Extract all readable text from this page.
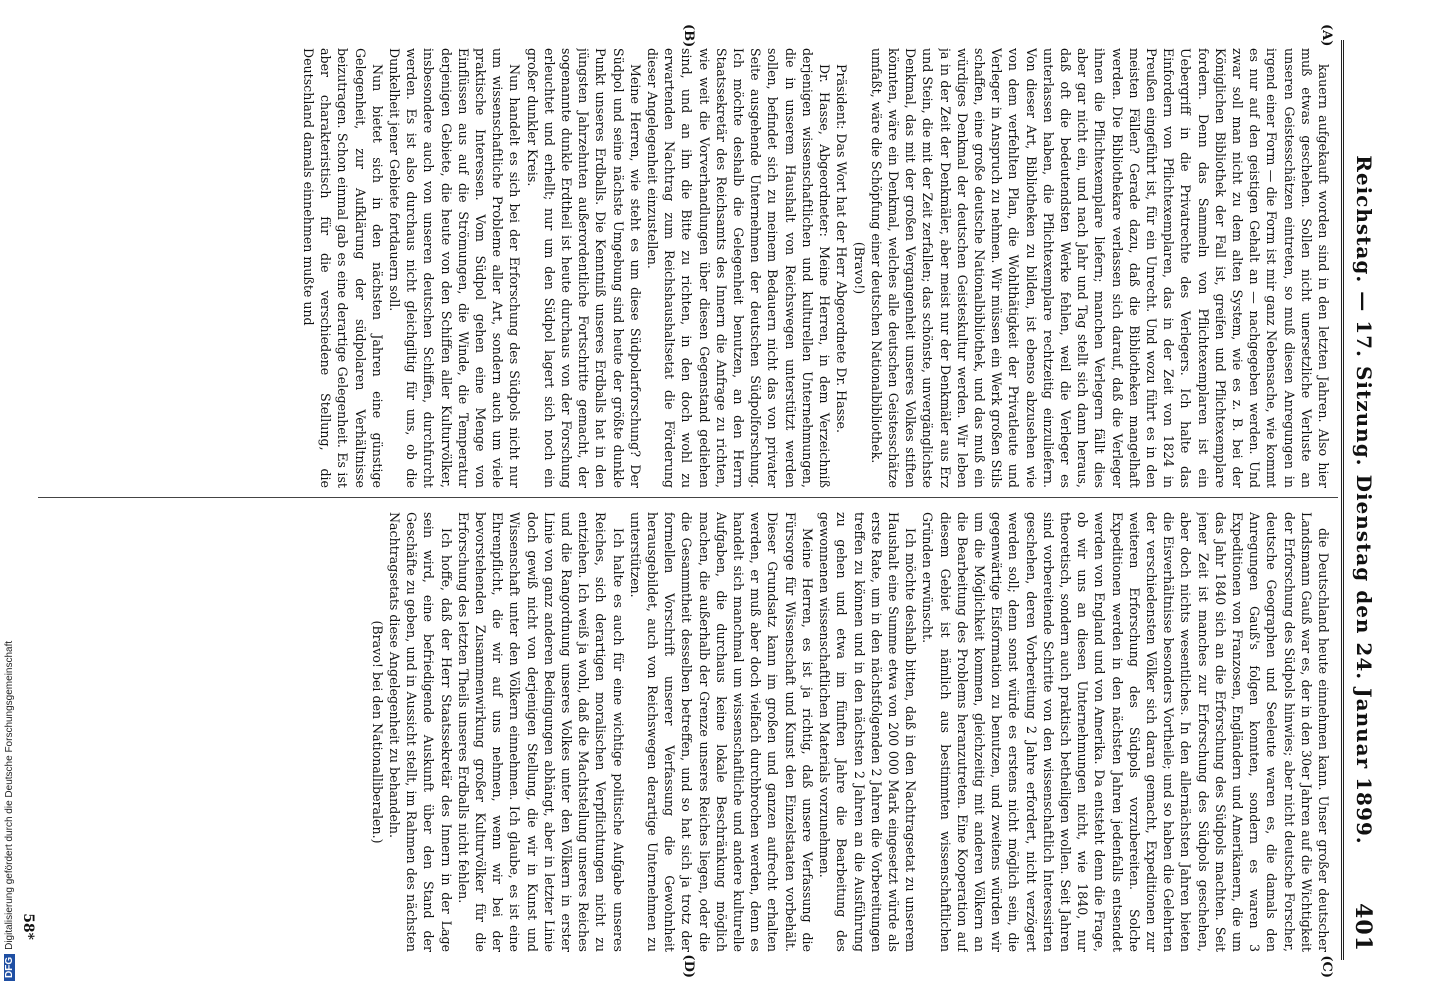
Reichstag. — 17. Sitzung. Dienstag den 24. Januar 1899.
401
(A)
(B)
(C)
(D)

kauern aufgekauft worden sind in den letzten Jahren. Also hier muß etwas geschehen. Sollen nicht unersetzliche Verluste an unseren Geistesschätzen eintreten, so muß diesen Anregungen in irgend einer Form — die Form ist mir ganz Nebensache, wie kommt es nur auf den geistigen Gehalt an — nachgegeben werden. Und zwar soll man nicht zu dem alten System, wie es z. B. bei der Königlichen Bibliothek der Fall ist, greifen und Pflichtexemplare fordern. Denn das Sammeln von Pflichtexemplaren ist ein Uebergriff in die Privatrechte des Verlegers. Ich halte das Einfordern von Pflichtexemplaren, das in der Zeit von 1824 in Preußen eingeführt ist, für ein Unrecht. Und wozu führt es in den meisten Fällen? Gerade dazu, daß die Bibliotheken mangelhaft werden. Die Bibliothekare verlassen sich darauf, daß die Verleger ihnen die Pflichtexemplare liefern; manchen Verlegern fällt dies aber gar nicht ein, und nach Jahr und Tag stellt sich dann heraus, daß oft die bedeutendsten Werke fehlen, weil die Verleger es unterlassen haben, die Pflichtexemplare rechtzeitig einzuliefern. Von dieser Art, Bibliotheken zu bilden, ist ebenso abzusehen wie von dem verfehlten Plan, die Wohlthätigkeit der Privatleute und Verleger in Anspruch zu nehmen. Wir müssen ein Werk großen Stils schaffen, eine große deutsche Nationalbibliothek, und das muß ein würdiges Denkmal der deutschen Geisteskultur werden. Wir leben ja in der Zeit der Denkmäler, aber meist nur der Denkmäler aus Erz und Stein, die mit der Zeit zerfallen; das schönste, unvergänglichste Denkmal, das mit der großen Vergangenheit unseres Volkes stiften könnten, wäre ein Denkmal, welches alle deutschen Geistesschätze umfaßt, wäre die Schöpfung einer deutschen Nationalbibliothek.

(Bravo!)

Präsident: Das Wort hat der Herr Abgeordnete Dr. Hasse.

Dr. Hasse, Abgeordneter: Meine Herren, in dem Verzeichniß derjenigen wissenschaftlichen und kulturellen Unternehmungen, die in unserem Haushalt von Reichswegen unterstützt werden sollen, befindet sich zu meinem Bedauern nicht das von privater Seite ausgehende Unternehmen der deutschen Südpolforschung. Ich möchte deshalb die Gelegenheit benutzen, an den Herrn Staatssekretär des Reichsamts des Innern die Anfrage zu richten, wie weit die Vorverhandlungen über diesen Gegenstand gediehen sind, und an ihn die Bitte zu richten, in den doch wohl zu erwartenden Nachtrag zum Reichshaushaltsetat die Förderung dieser Angelegenheit einzustellen.

Meine Herren, wie steht es um diese Südpolarforschung? Der Südpol und seine nächste Umgebung sind heute der größte dunkle Punkt unseres Erdballs. Die Kenntniß unseres Erdballs hat in den jüngsten Jahrzehnten außerordentliche Fortschritte gemacht, der sogenannte dunkle Erdtheil ist heute durchaus von der Forschung erleuchtet und erhellt; nur um den Südpol lagert sich noch ein großer dunkler Kreis.

Nun handelt es sich bei der Erforschung des Südpols nicht nur um wissenschaftliche Probleme aller Art, sondern auch um viele praktische Interessen. Vom Südpol gehen eine Menge von Einflüssen aus auf die Strömungen, die Winde, die Temperatur derjenigen Gebiete, die heute von den Schiffen aller Kulturvölker, insbesondere auch von unseren deutschen Schiffen, durchfurcht werden. Es ist also durchaus nicht gleichgiltig für uns, ob die Dunkelheit jener Gebiete fortdauern soll.

Nun bietet sich in den nächsten Jahren eine günstige Gelegenheit, zur Aufklärung der südpolaren Verhältnisse beizutragen. Schon einmal gab es eine derartige Gelegenheit. Es ist aber charakteristisch für die verschiedene Stellung, die Deutschland damals einnehmen mußte und

die Deutschland heute einnehmen kann. Unser großer deutscher Landsmann Gauß war es, der in den 30er Jahren auf die Wichtigkeit der Erforschung des Südpols hinwies; aber nicht deutsche Forscher, deutsche Geographen und Seeleute waren es, die damals den Anregungen Gauß's folgen konnten, sondern es waren 3 Expeditionen von Franzosen, Engländern und Amerikanern, die um das Jahr 1840 sich an die Erforschung des Südpols machten. Seit jener Zeit ist manches zur Erforschung des Südpols geschehen, aber doch nichts wesentliches. In den allernächsten Jahren bieten die Eisverhältnisse besonders Vortheile; und so haben die Gelehrten der verschiedensten Völker sich daran gemacht, Expeditionen zur weiteren Erforschung des Südpols vorzubereiten. Solche Expeditionen werden in den nächsten Jahren jedenfalls entsendet werden von England und von Amerika. Da entsteht denn die Frage, ob wir uns an diesen Unternehmungen nicht, wie 1840, nur theoretisch, sondern auch praktisch betheiligen wollen. Seit Jahren sind vorbereitende Schritte von den wissenschaftlich Interessirten geschehen, deren Vorbereitung 2 Jahre erfordert, nicht verzögert werden soll; denn sonst würde es erstens nicht möglich sein, die gegenwärtige Eisformation zu benutzen, und zweitens würden wir um die Möglichkeit kommen, gleichzeitig mit anderen Völkern an die Bearbeitung des Problems heranzutreten. Eine Kooperation auf diesem Gebiet ist nämlich aus bestimmten wissenschaftlichen Gründen erwünscht.

Ich möchte deshalb bitten, daß in den Nachtragsetat zu unserem Haushalt eine Summe etwa von 200 000 Mark eingesetzt würde als erste Rate, um in den nächstfolgenden 2 Jahren die Vorbereitungen treffen zu können und in den nächsten 2 Jahren an die Ausführung zu gehen und etwa im fünften Jahre die Bearbeitung des gewonnenen wissenschaftlichen Materials vorzunehmen.

Meine Herren, es ist ja richtig, daß unsere Verfassung die Fürsorge für Wissenschaft und Kunst den Einzelstaaten vorbehält. Dieser Grundsatz kann im großen und ganzen aufrecht erhalten werden, er muß aber doch vielfach durchbrochen werden, denn es handelt sich manchmal um wissenschaftliche und andere kulturelle Aufgaben, die durchaus keine lokale Beschränkung möglich machen, die außerhalb der Grenze unseres Reiches liegen, oder die die Gesammtheit desselben betreffen, und so hat sich ja trotz der formellen Vorschrift unserer Verfassung die Gewohnheit herausgebildet, auch von Reichswegen derartige Unternehmen zu unterstützen.

Ich halte es auch für eine wichtige politische Aufgabe unseres Reiches, sich derartigen moralischen Verpflichtungen nicht zu entziehen. Ich weiß ja wohl, daß die Machtstellung unseres Reiches und die Rangordnung unseres Volkes unter den Völkern in erster Linie von ganz anderen Bedingungen abhängt, aber in letzter Linie doch gewiß nicht von derjenigen Stellung, die wir in Kunst und Wissenschaft unter den Völkern einnehmen. Ich glaube, es ist eine Ehrenpflicht, die wir auf uns nehmen, wenn wir bei der bevorstehenden Zusammenwirkung großer Kulturvölker für die Erforschung des letzten Theils unseres Erdballs nicht fehlen.

Ich hoffe, daß der Herr Staatssekretär des Innern in der Lage sein wird, eine befriedigende Auskunft über den Stand der Geschäfte zu geben, und in Aussicht stellt, im Rahmen des nächsten Nachtragsetats diese Angelegenheit zu behandeln.

(Bravo! bei den Nationalliberalen.)

58*
DFGDigitalisierung gefördert durch die Deutsche Forschungsgemeinschaft
